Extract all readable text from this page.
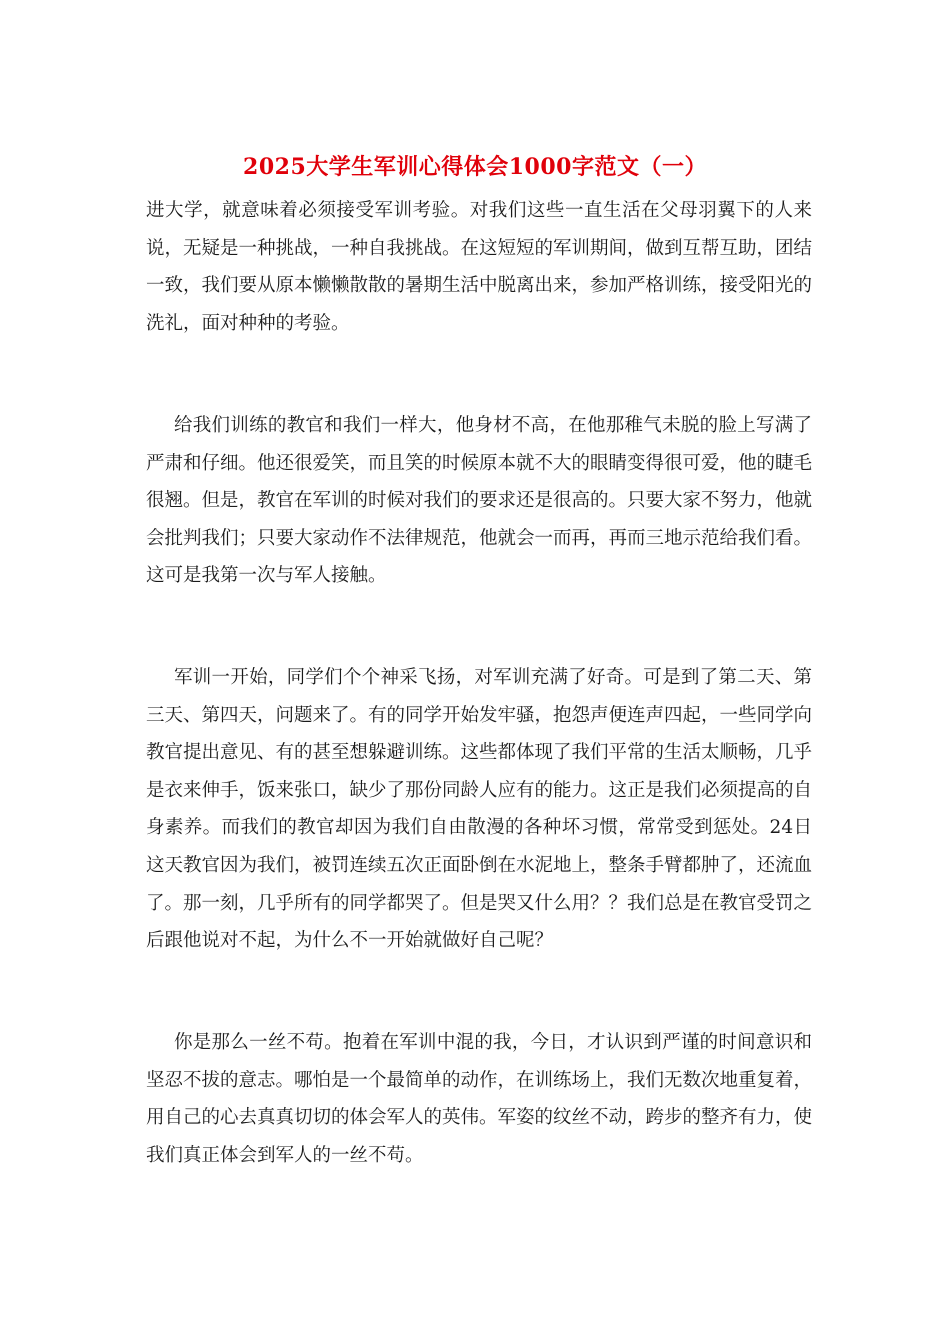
2025大学生军训心得体会1000字范文（一）

进大学，就意味着必须接受军训考验。对我们这些一直生活在父母羽翼下的人来说，无疑是一种挑战，一种自我挑战。在这短短的军训期间，做到互帮互助，团结一致，我们要从原本懒懒散散的暑期生活中脱离出来，参加严格训练，接受阳光的洗礼，面对种种的考验。

给我们训练的教官和我们一样大，他身材不高，在他那稚气未脱的脸上写满了严肃和仔细。他还很爱笑，而且笑的时候原本就不大的眼睛变得很可爱，他的睫毛很翘。但是，教官在军训的时候对我们的要求还是很高的。只要大家不努力，他就会批判我们；只要大家动作不法律规范，他就会一而再，再而三地示范给我们看。这可是我第一次与军人接触。

军训一开始，同学们个个神采飞扬，对军训充满了好奇。可是到了第二天、第三天、第四天，问题来了。有的同学开始发牢骚，抱怨声便连声四起，一些同学向教官提出意见、有的甚至想躲避训练。这些都体现了我们平常的生活太顺畅，几乎是衣来伸手，饭来张口，缺少了那份同龄人应有的能力。这正是我们必须提高的自身素养。而我们的教官却因为我们自由散漫的各种坏习惯，常常受到惩处。24日这天教官因为我们，被罚连续五次正面卧倒在水泥地上，整条手臂都肿了，还流血了。那一刻，几乎所有的同学都哭了。但是哭又什么用？？我们总是在教官受罚之后跟他说对不起，为什么不一开始就做好自己呢？

你是那么一丝不苟。抱着在军训中混的我，今日，才认识到严谨的时间意识和坚忍不拔的意志。哪怕是一个最简单的动作，在训练场上，我们无数次地重复着，用自己的心去真真切切的体会军人的英伟。军姿的纹丝不动，跨步的整齐有力，使我们真正体会到军人的一丝不苟。
